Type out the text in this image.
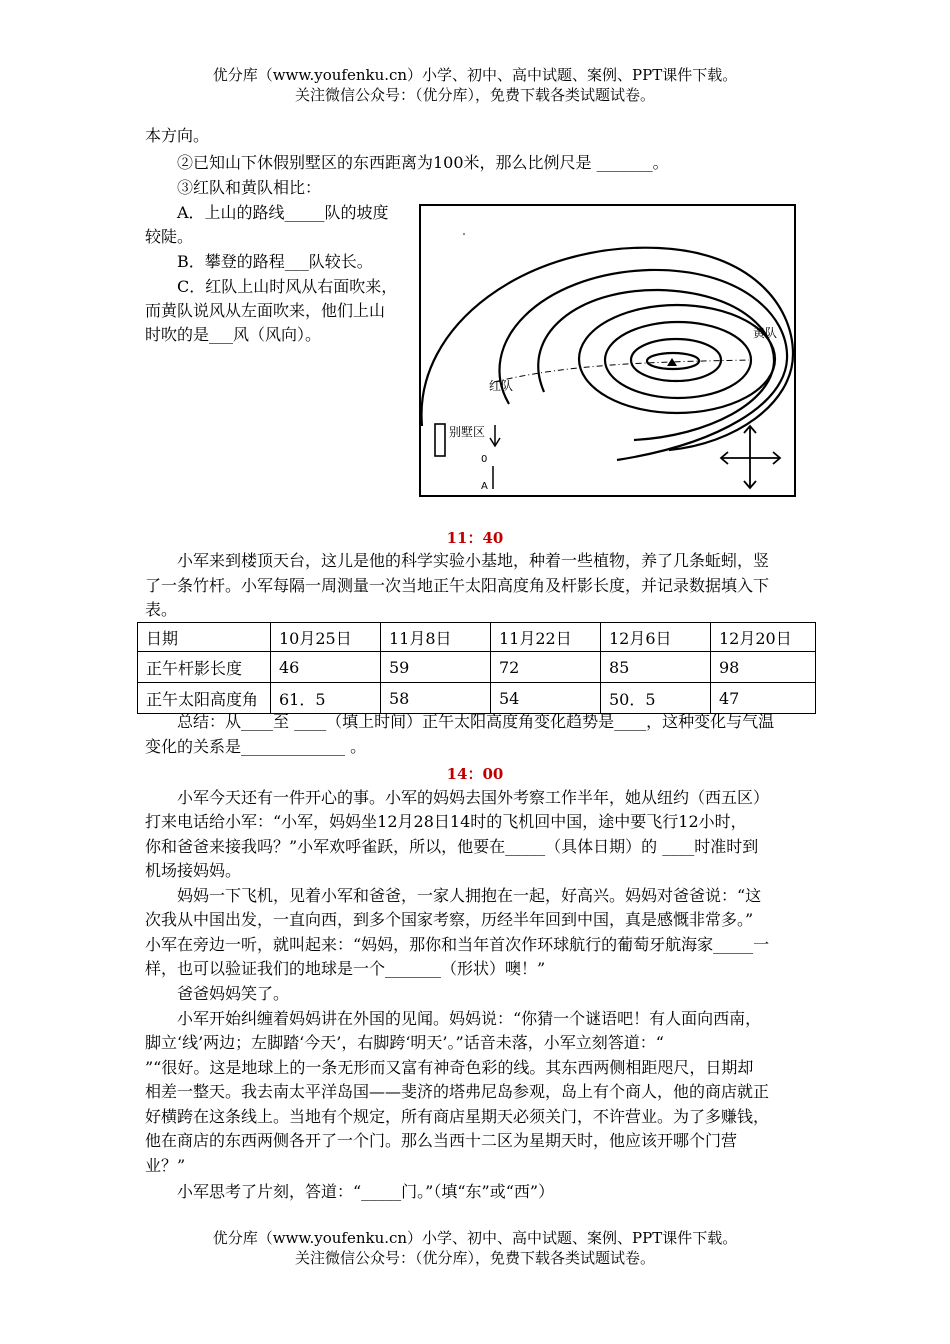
优分库（www.youfenku.cn）小学、初中、高中试题、案例、PPT课件下载。
关注微信公众号：（优分库），免费下载各类试题试卷。
本方向。
②已知山下休假别墅区的东西距离为100米，那么比例尺是 _______。
③红队和黄队相比：
A．上山的路线_____队的坡度
较陡。
B．攀登的路程___队较长。
C．红队上山时风从右面吹来，
而黄队说风从左面吹来，他们上山
时吹的是___风（风向）。	黄队
红队
别墅区
0
A
11：40
小军来到楼顶天台，这儿是他的科学实验小基地，种着一些植物，养了几条蚯蚓，竖
了一条竹杆。小军每隔一周测量一次当地正午太阳高度角及杆影长度，并记录数据填入下
表。
日期	10月25日	11月8日	11月22日	12月6日	12月20日
正午杆影长度	46	59	72	85	98
正午太阳高度角	61．5	58	54	50．5	47
总结：从____至 ____（填上时间）正午太阳高度角变化趋势是____，这种变化与气温
变化的关系是_____________ 。
14：00
小军今天还有一件开心的事。小军的妈妈去国外考察工作半年，她从纽约（西五区）
打来电话给小军：“小军，妈妈坐12月28日14时的飞机回中国，途中要飞行12小时，
你和爸爸来接我吗？”小军欢呼雀跃，所以，他要在_____（具体日期）的 ____时准时到
机场接妈妈。
妈妈一下飞机，见着小军和爸爸，一家人拥抱在一起，好高兴。妈妈对爸爸说：“这
次我从中国出发，一直向西，到多个国家考察，历经半年回到中国，真是感慨非常多。”
小军在旁边一听，就叫起来：“妈妈，那你和当年首次作环球航行的葡萄牙航海家_____一
样，也可以验证我们的地球是一个_______（形状）噢！”
爸爸妈妈笑了。
小军开始纠缠着妈妈讲在外国的见闻。妈妈说：“你猜一个谜语吧！有人面向西南，
脚立‘线’两边；左脚踏‘今天’，右脚跨‘明天’。”话音未落，小军立刻答道：“
”“很好。这是地球上的一条无形而又富有神奇色彩的线。其东西两侧相距咫尺，日期却
相差一整天。我去南太平洋岛国——斐济的塔弗尼岛参观，岛上有个商人，他的商店就正
好横跨在这条线上。当地有个规定，所有商店星期天必须关门，不许营业。为了多赚钱，
他在商店的东西两侧各开了一个门。那么当西十二区为星期天时，他应该开哪个门营
业？”
小军思考了片刻，答道：“_____门。”（填“东”或“西”）
优分库（www.youfenku.cn）小学、初中、高中试题、案例、PPT课件下载。
关注微信公众号：（优分库），免费下载各类试题试卷。
